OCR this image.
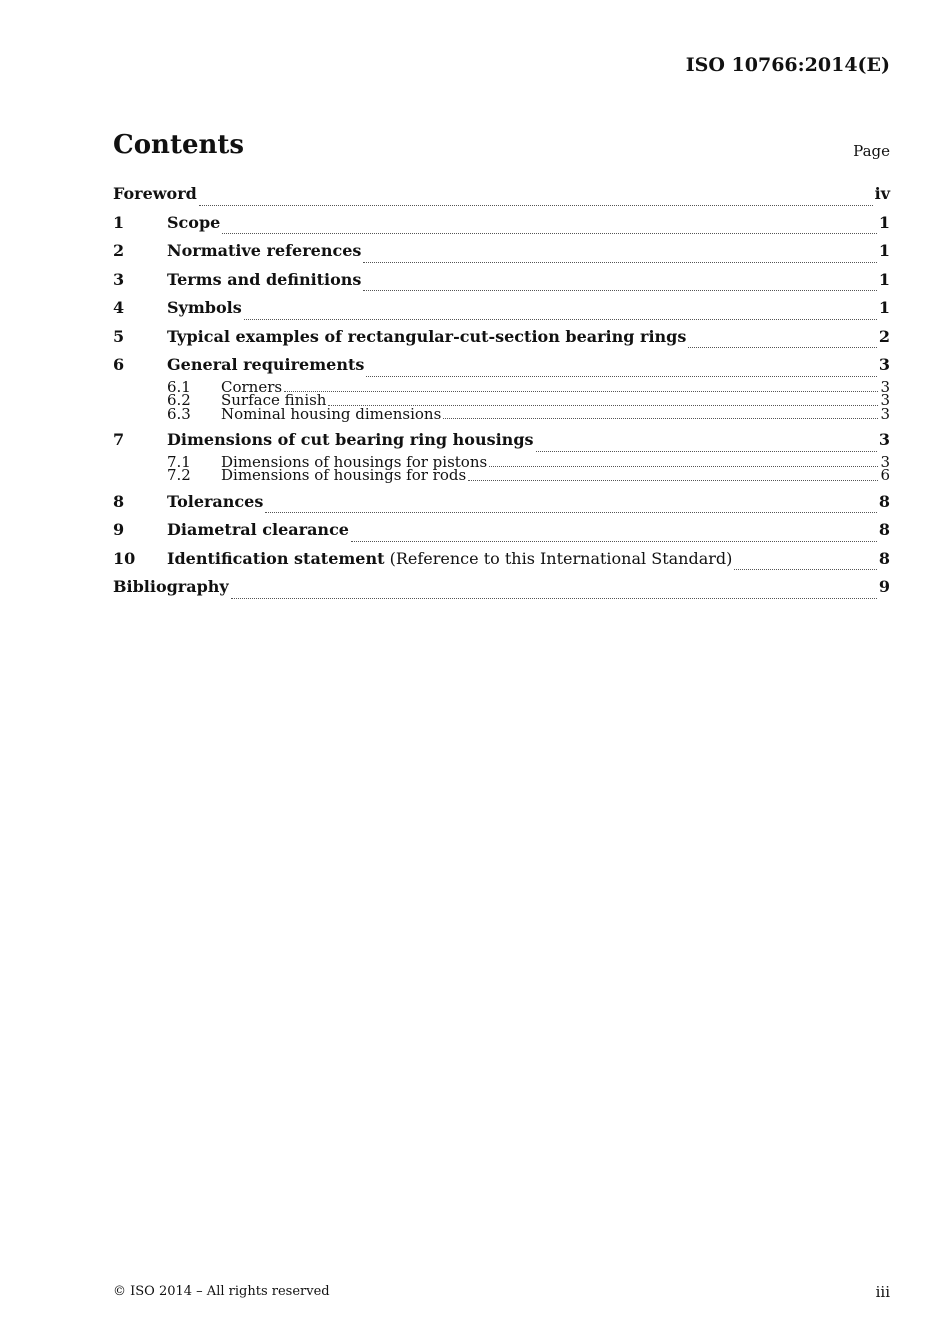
ISO 10766:2014(E)
Contents	Page
Foreword	iv
1	Scope	1
2	Normative references	1
3	Terms and definitions	1
4	Symbols	1
5	Typical examples of rectangular-cut-section bearing rings	2
6	General requirements	3
6.1	Corners	3
6.2	Surface finish	3
6.3	Nominal housing dimensions	3
7	Dimensions of cut bearing ring housings	3
7.1	Dimensions of housings for pistons	3
7.2	Dimensions of housings for rods	6
8	Tolerances	8
9	Diametral clearance	8
10	Identification statement (Reference to this International Standard)	8
Bibliography	9
© ISO 2014 – All rights reserved	iii
